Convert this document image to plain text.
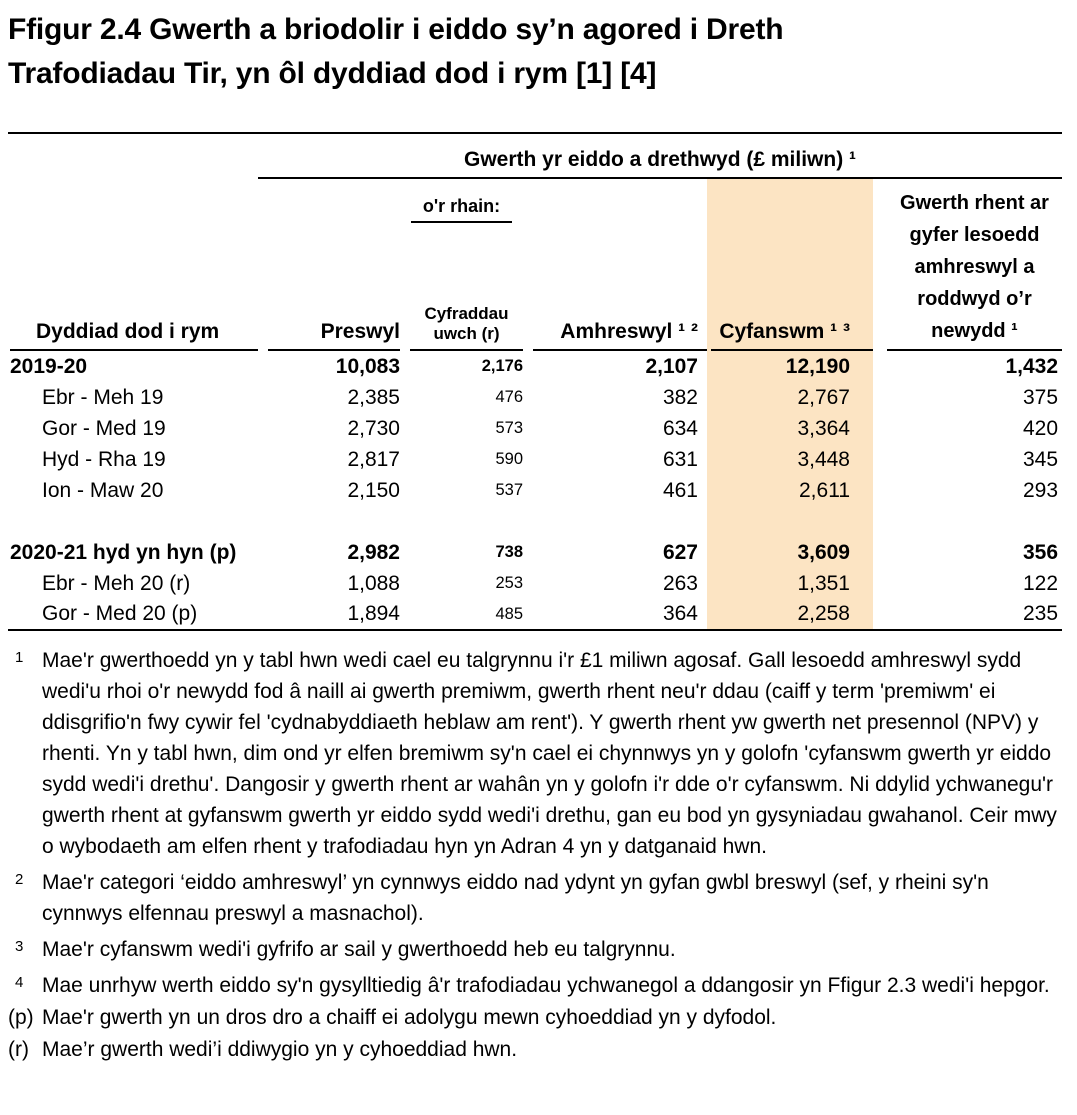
Ffigur 2.4 Gwerth a briodolir i eiddo sy’n agored i Dreth
Trafodiadau Tir, yn ôl dyddiad dod i rym [1] [4]

	Gwerth yr eiddo a drethwyd (£ miliwn) ¹				

		o'r rhain:			Gwerth rhent ar
gyfer lesoedd
amhreswyl a
roddwyd o’r
newydd ¹

Dyddiad dod i rym	Preswyl	Cyfraddau
uwch (r)	Amhreswyl ¹ ²	Cyfanswm ¹ ³	

2019-20	10,083	2,176	2,107	12,190	1,432
Ebr - Meh 19	2,385	476	382	2,767	375
Gor - Med 19	2,730	573	634	3,364	420
Hyd - Rha 19	2,817	590	631	3,448	345
Ion - Maw 20	2,150	537	461	2,611	293

2020-21 hyd yn hyn (p)	2,982	738	627	3,609	356
Ebr - Meh 20 (r)	1,088	253	263	1,351	122
Gor - Med 20 (p)	1,894	485	364	2,258	235
1 Mae'r gwerthoedd yn y tabl hwn wedi cael eu talgrynnu i'r £1 miliwn agosaf. Gall lesoedd amhreswyl sydd wedi'u rhoi o'r newydd fod â naill ai gwerth premiwm, gwerth rhent neu'r ddau (caiff y term 'premiwm' ei ddisgrifio'n fwy cywir fel 'cydnabyddiaeth heblaw am rent'). Y gwerth rhent yw gwerth net presennol (NPV) y rhenti. Yn y tabl hwn, dim ond yr elfen bremiwm sy'n cael ei chynnwys yn y golofn 'cyfanswm gwerth yr eiddo sydd wedi'i drethu'. Dangosir y gwerth rhent ar wahân yn y golofn i'r dde o'r cyfanswm. Ni ddylid ychwanegu'r gwerth rhent at gyfanswm gwerth yr eiddo sydd wedi'i drethu, gan eu bod yn gysyniadau gwahanol. Ceir mwy o wybodaeth am elfen rhent y trafodiadau hyn yn Adran 4 yn y datganaid hwn.
2 Mae'r categori ‘eiddo amhreswyl’ yn cynnwys eiddo nad ydynt yn gyfan gwbl breswyl (sef, y rheini sy'n cynnwys elfennau preswyl a masnachol).
3 Mae'r cyfanswm wedi'i gyfrifo ar sail y gwerthoedd heb eu talgrynnu.
4 Mae unrhyw werth eiddo sy'n gysylltiedig â'r trafodiadau ychwanegol a ddangosir yn Ffigur 2.3 wedi'i hepgor.
(p) Mae'r gwerth yn un dros dro a chaiff ei adolygu mewn cyhoeddiad yn y dyfodol.
(r) Mae’r gwerth wedi’i ddiwygio yn y cyhoeddiad hwn.
